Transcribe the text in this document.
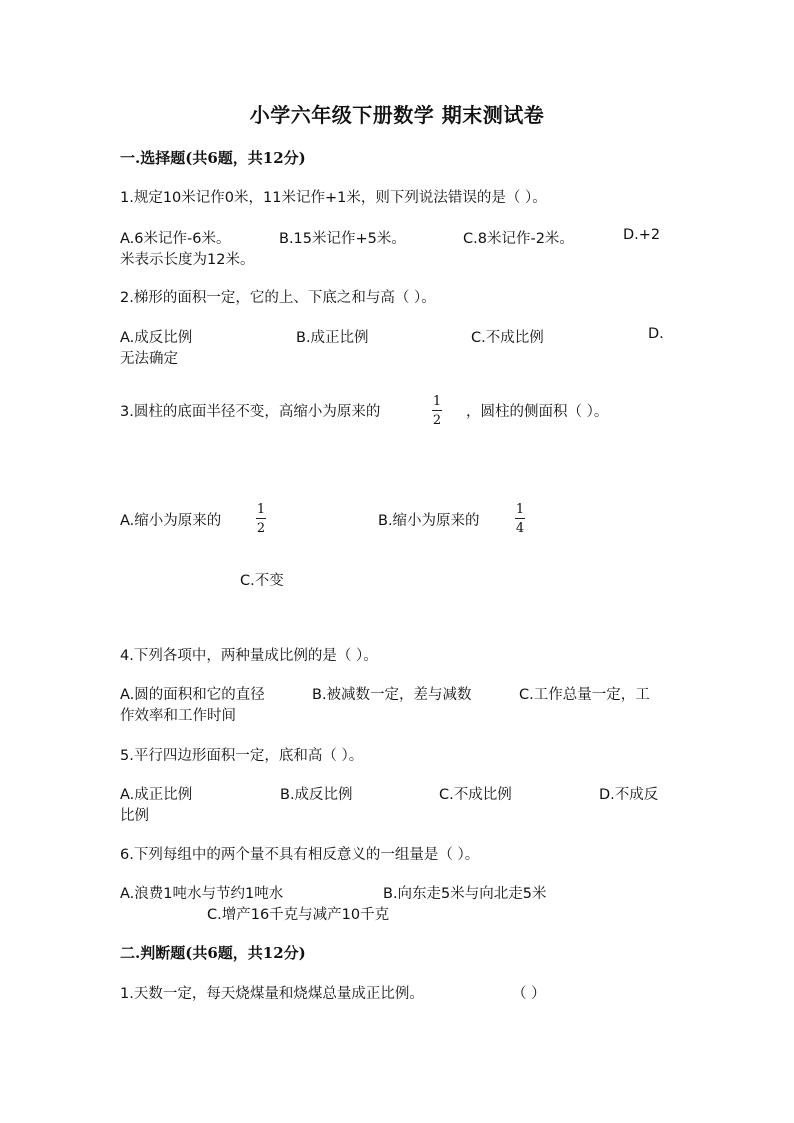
小学六年级下册数学 期末测试卷
一.选择题(共6题，共12分)
1.规定10米记作0米，11米记作+1米，则下列说法错误的是（ ）。
A.6米记作-6米。	B.15米记作+5米。	C.8米记作-2米。	D.+2
米表示长度为12米。
2.梯形的面积一定，它的上、下底之和与高（ ）。
A.成反比例	B.成正比例	C.不成比例	D.
无法确定
3.圆柱的底面半径不变，高缩小为原来的
1
2
，圆柱的侧面积（ ）。
A.缩小为原来的
1
2	B.缩小为原来的
1
4
C.不变
4.下列各项中，两种量成比例的是（ ）。
A.圆的面积和它的直径	B.被减数一定，差与减数	C.工作总量一定，工
作效率和工作时间
5.平行四边形面积一定，底和高（ ）。
A.成正比例	B.成反比例	C.不成比例	D.不成反
比例
6.下列每组中的两个量不具有相反意义的一组量是（ ）。
A.浪费1吨水与节约1吨水	B.向东走5米与向北走5米
C.增产16千克与减产10千克
二.判断题(共6题，共12分)
1.天数一定，每天烧煤量和烧煤总量成正比例。	（ ）
